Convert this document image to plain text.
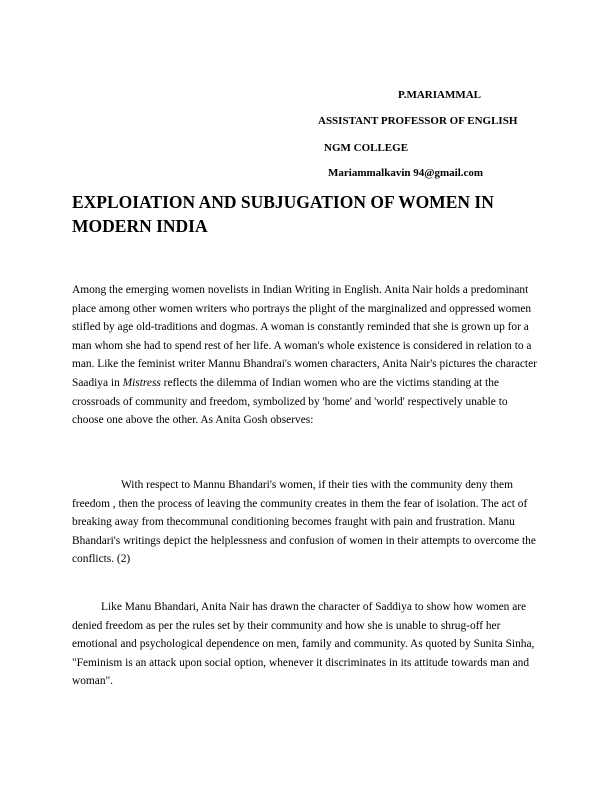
P.MARIAMMAL
ASSISTANT PROFESSOR OF ENGLISH
NGM COLLEGE
Mariammalkavin 94@gmail.com
EXPLOIATION AND SUBJUGATION OF WOMEN IN MODERN INDIA

Among the emerging women novelists in Indian Writing in English. Anita Nair holds a predominant place among other women writers who portrays the plight of the marginalized and oppressed women stifled by age old-traditions and dogmas. A woman is constantly reminded that she is grown up for a man whom she had to spend rest of her life. A woman's whole existence is considered in relation to a man. Like the feminist writer Mannu Bhandrai's women characters, Anita Nair's pictures the character Saadiya in Mistress reflects the dilemma of Indian women who are the victims standing at the crossroads of community and freedom, symbolized by 'home' and 'world' respectively unable to choose one above the other. As Anita Gosh observes:

With respect to Mannu Bhandari's women, if their ties with the community deny them freedom , then the process of leaving the community creates in them the fear of isolation. The act of breaking away from thecommunal conditioning becomes fraught with pain and frustration. Manu Bhandari's writings depict the helplessness and confusion of women in their attempts to overcome the conflicts. (2)

Like Manu Bhandari, Anita Nair has drawn the character of Saddiya to show how women are denied freedom as per the rules set by their community and how she is unable to shrug-off her emotional and psychological dependence on men, family and community. As quoted by Sunita Sinha, "Feminism is an attack upon social option, whenever it discriminates in its attitude towards man and woman".
